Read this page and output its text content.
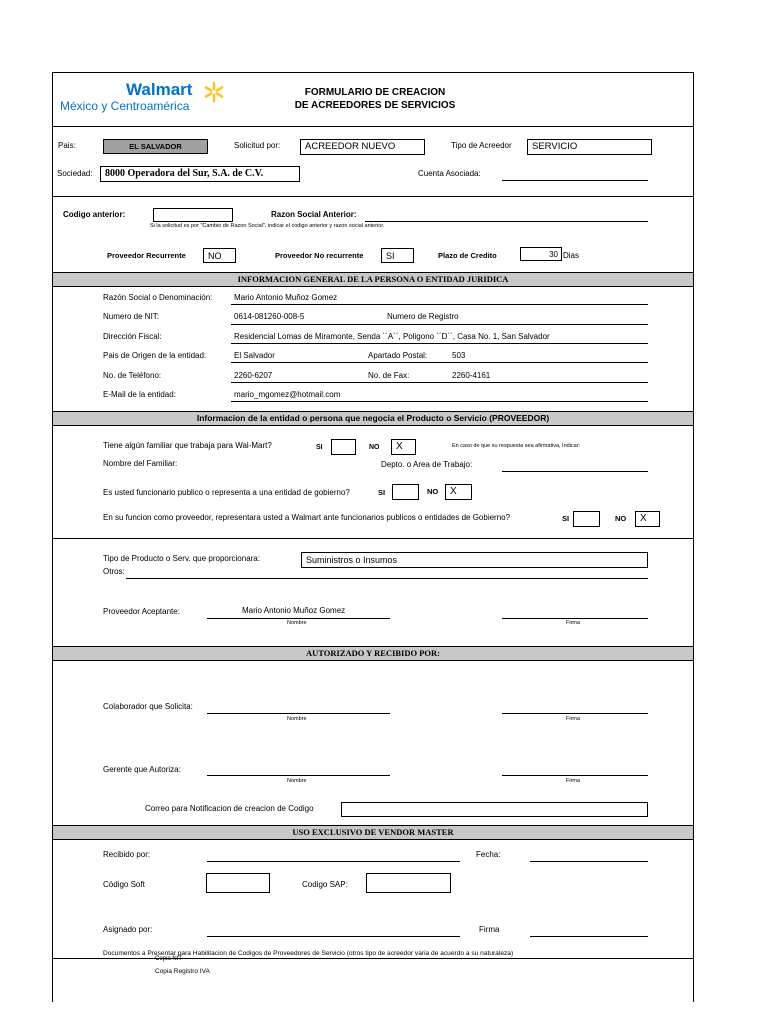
Walmart
México y Centroamérica
FORMULARIO DE CREACION
DE ACREEDORES DE SERVICIOS
Pais:	EL SALVADOR	Solicitud por:	ACREEDOR NUEVO	Tipo de Acreedor	SERVICIO
Sociedad:	8000 Operadora del Sur, S.A. de C.V.	Cuenta Asociada:
Codigo anterior:	Razon Social Anterior:
Si la solicitud es por "Cambio de Razon Social", indicar el codigo anterior y razon social anterior.
Proveedor Recurrente	NO	Proveedor No recurrente	SI	Plazo de Credito	30 Dias
INFORMACION GENERAL DE LA PERSONA O ENTIDAD JURIDICA
Razón Social o Denominación:	Mario Antonio Muñoz Gomez
Numero de NIT:	0614-081260-008-5	Numero de Registro
Dirección Fiscal:	Residencial Lomas de Miramonte, Senda ´´A´´, Poligono ´´D´´, Casa No. 1, San Salvador
Pais de Origen de la entidad:	El Salvador	Apartado Postal:	503
No. de Teléfono:	2260-6207	No. de Fax:	2260-4161
E-Mail de la entidad:	mario_mgomez@hotmail.com
Informacion de la entidad o persona que negocia el Producto o Servicio (PROVEEDOR)
Tiene algún familiar que trabaja para Wal-Mart?	SI	NO	X	En caso de que su respuesta sea afirmativa, Indicar:
Nombre del Familiar:	Depto. o Area de Trabajo:
Es usted funcionario publico o representa a una entidad de gobierno?	SI	NO	X
En su funcion como proveedor, representara usted a Walmart ante funcionarios publicos o entidades de Gobierno?	SI	NO	X
Tipo de Producto o Serv. que proporcionara:	Suministros o Insumos
Otros:
Proveedor Aceptante:	Mario Antonio Muñoz Gomez
Nombre	Firma
AUTORIZADO Y RECIBIDO POR:
Colaborador que Solicita:
Nombre	Firma
Gerente que Autoriza:
Nombre	Firma
Correo para Notificacion de creacion de Codigo
USO EXCLUSIVO DE VENDOR MASTER
Recibido por:	Fecha:
Código Soft	Codigo SAP:
Asignado por:	Firma
Documentos a Presentar para Habilitacion de Codigos de Proveedores de Servicio (otros tipo de acreedor varia de acuerdo a su naturaleza)
Copia NIT
Copia Registro IVA
